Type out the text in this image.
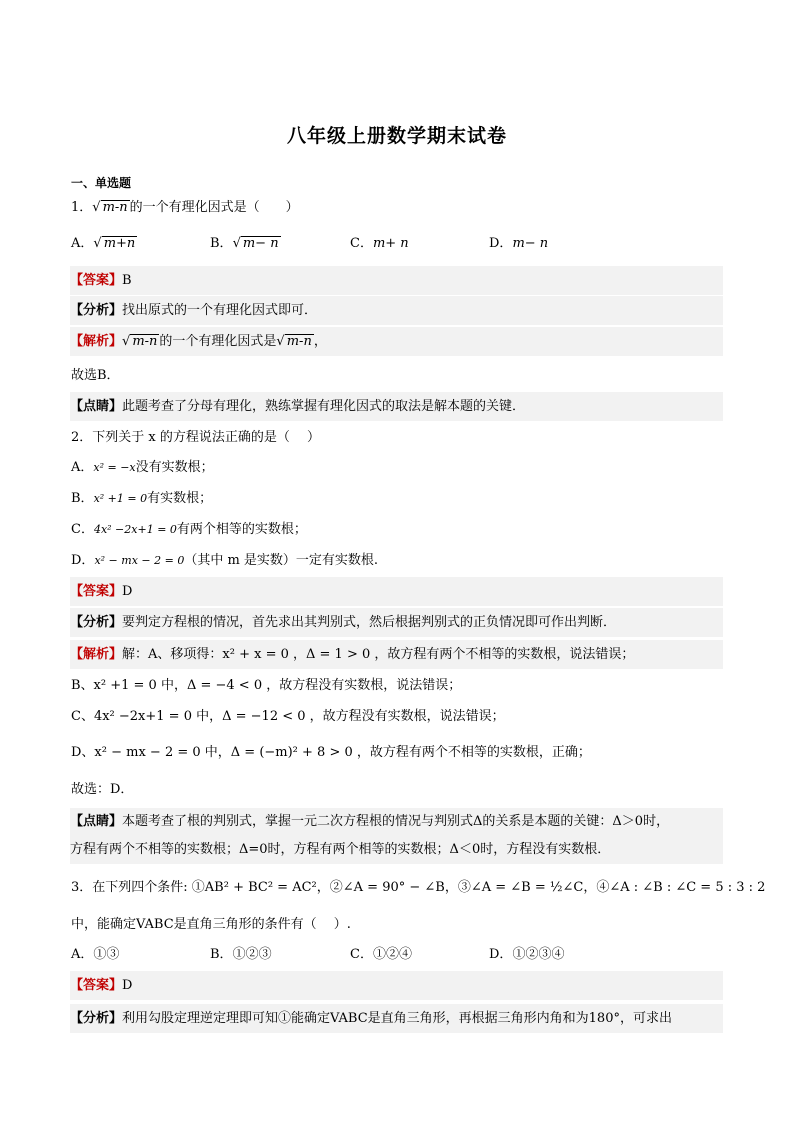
八年级上册数学期末试卷
一、单选题
1．√ m-n 的一个有理化因式是（　　）
A．√ m+n	B．√ m− n	C．m+ n	D．m− n
【答案】B
【分析】找出原式的一个有理化因式即可．
【解析】√ m-n 的一个有理化因式是√ m-n ，
故选B．
【点睛】此题考查了分母有理化，熟练掌握有理化因式的取法是解本题的关键．
2．下列关于 x 的方程说法正确的是（　 ）
A．x² = −x没有实数根；
B．x² +1 = 0有实数根；
C．4x² −2x+1 = 0有两个相等的实数根；
D．x² − mx − 2 = 0（其中 m 是实数）一定有实数根.
【答案】D
【分析】要判定方程根的情况，首先求出其判别式，然后根据判别式的正负情况即可作出判断．
【解析】解：A、移项得：x² + x = 0 ，Δ = 1 > 0 ，故方程有两个不相等的实数根，说法错误；
B、x² +1 = 0 中，Δ = −4 < 0 ，故方程没有实数根，说法错误；
C、4x² −2x+1 = 0 中，Δ = −12 < 0 ，故方程没有实数根，说法错误；
D、x² − mx − 2 = 0 中，Δ = (−m)² + 8 > 0 ，故方程有两个不相等的实数根，正确；
故选：D．
【点睛】本题考查了根的判别式，掌握一元二次方程根的情况与判别式Δ的关系是本题的关键：Δ＞0时，
方程有两个不相等的实数根；Δ=0时，方程有两个相等的实数根；Δ＜0时，方程没有实数根．
3．在下列四个条件: ①AB² + BC² = AC²，②∠A = 90° − ∠B，③∠A = ∠B = ½∠C，④∠A : ∠B : ∠C = 5 : 3 : 2
中，能确定VABC是直角三角形的条件有（　 ）.
A．①③	B．①②③	C．①②④	D．①②③④
【答案】D
【分析】利用勾股定理逆定理即可知①能确定VABC是直角三角形，再根据三角形内角和为180°，可求出
